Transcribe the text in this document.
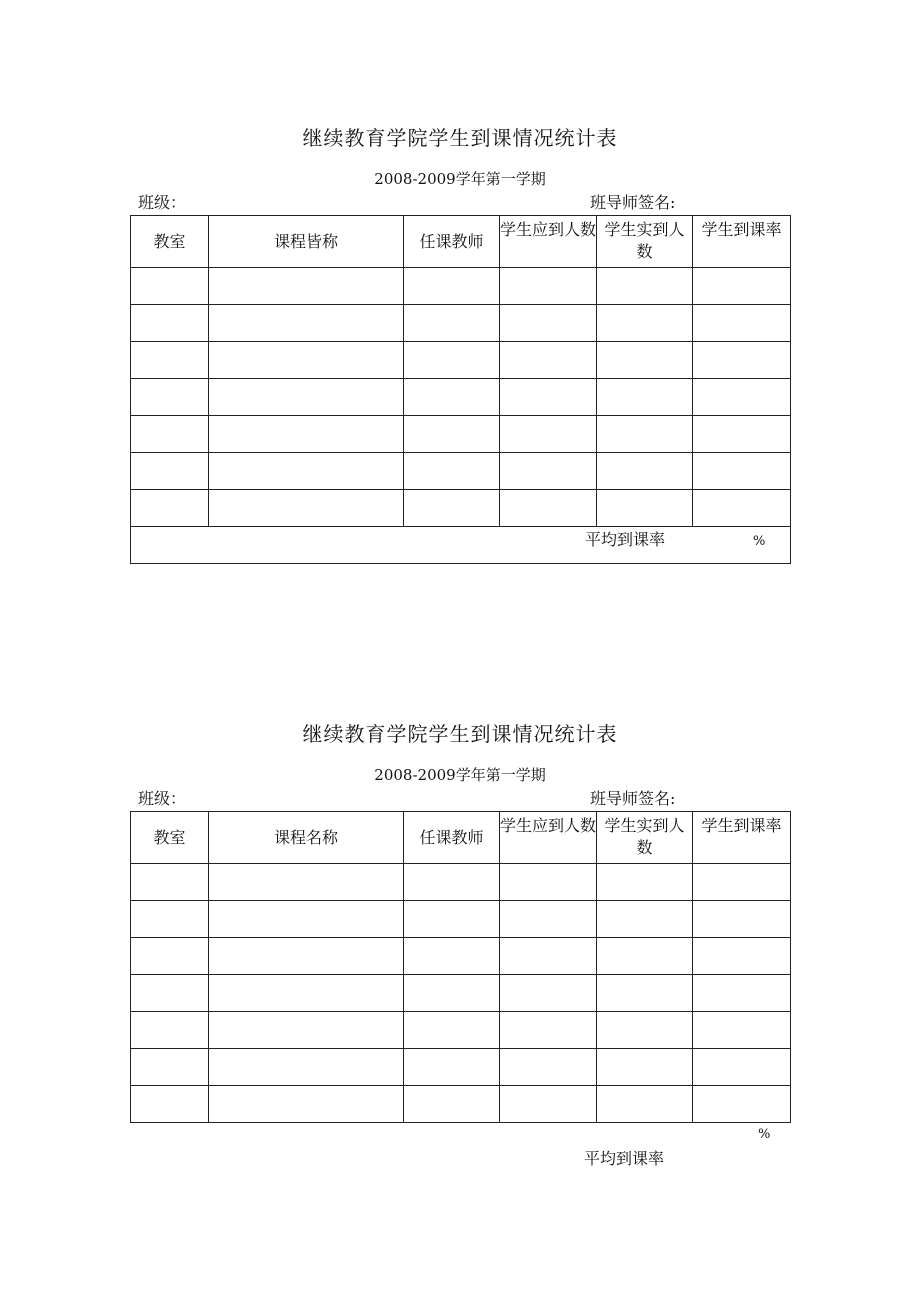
继续教育学院学生到课情况统计表
2008-2009学年第一学期
班级：	班导师签名:
教室	课程皆称	任课教师	学生应到人数	学生实到人数	学生到课率

平均到课率 %					
继续教育学院学生到课情况统计表
2008-2009学年第一学期
班级：	班导师签名:
教室	课程名称	任课教师	学生应到人数	学生实到人数	学生到课率

%
平均到课率
